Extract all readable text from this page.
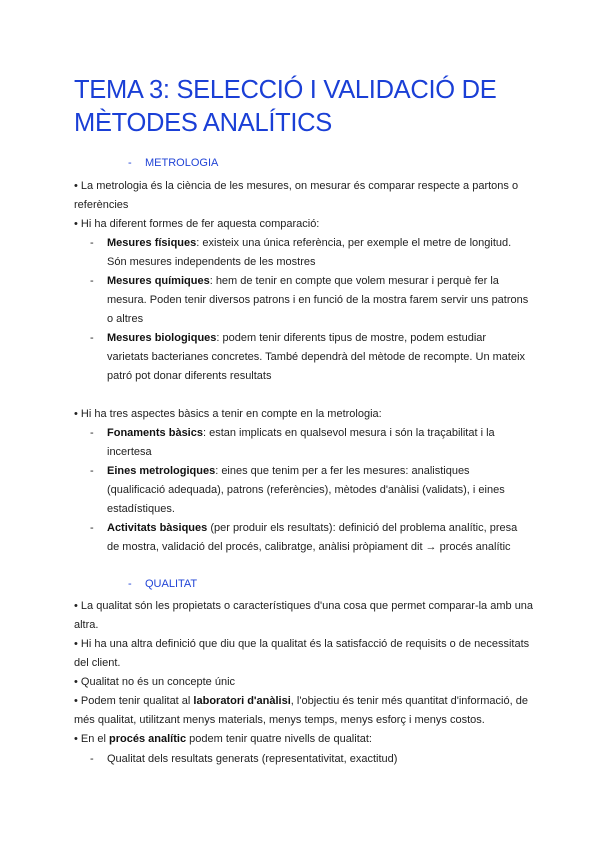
TEMA 3: SELECCIÓ I VALIDACIÓ DE
MÈTODES ANALÍTICS
- METROLOGIA

• La metrologia és la ciència de les mesures, on mesurar és comparar respecte a partons o referències

• Hi ha diferent formes de fer aquesta comparació:

- Mesures físiques: existeix una única referència, per exemple el metre de longitud. Són mesures independents de les mostres
- Mesures químiques: hem de tenir en compte que volem mesurar i perquè fer la mesura. Poden tenir diversos patrons i en funció de la mostra farem servir uns patrons o altres
- Mesures biologiques: podem tenir diferents tipus de mostre, podem estudiar varietats bacterianes concretes. També dependrà del mètode de recompte. Un mateix patró pot donar diferents resultats

• Hi ha tres aspectes bàsics a tenir en compte en la metrologia:

- Fonaments bàsics: estan implicats en qualsevol mesura i són la traçabilitat i la incertesa
- Eines metrologiques: eines que tenim per a fer les mesures: analistiques (qualificació adequada), patrons (referències), mètodes d'anàlisi (validats), i eines estadístiques.
- Activitats bàsiques (per produir els resultats): definició del problema analític, presa de mostra, validació del procés, calibratge, anàlisi pròpiament dit → procés analític
- QUALITAT

• La qualitat són les propietats o característiques d'una cosa que permet comparar-la amb una altra.

• Hi ha una altra definició que diu que la qualitat és la satisfacció de requisits o de necessitats del client.

• Qualitat no és un concepte únic

• Podem tenir qualitat al laboratori d'anàlisi, l'objectiu és tenir més quantitat d'informació, de més qualitat, utilitzant menys materials, menys temps, menys esforç i menys costos.

• En el procés analític podem tenir quatre nivells de qualitat:

- Qualitat dels resultats generats (representativitat, exactitud)
